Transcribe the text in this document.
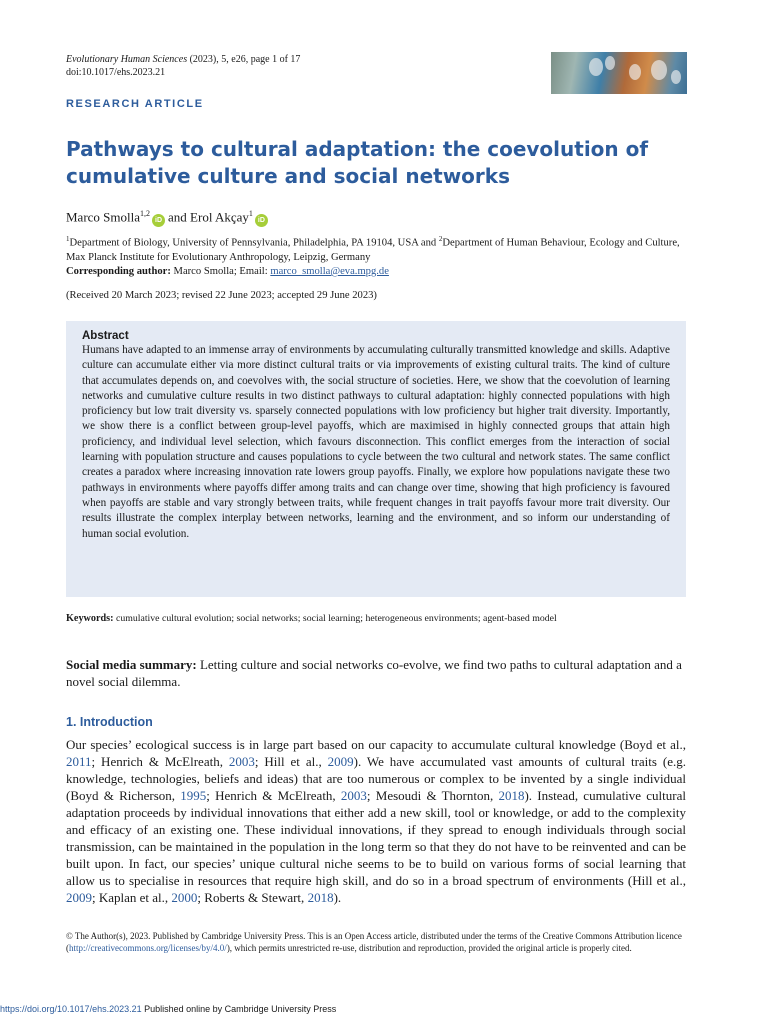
Evolutionary Human Sciences (2023), 5, e26, page 1 of 17
doi:10.1017/ehs.2023.21
RESEARCH ARTICLE
Pathways to cultural adaptation: the coevolution of cumulative culture and social networks
Marco Smolla$^{1,2}$iD and Erol Akçay$^1$iD
$^1$Department of Biology, University of Pennsylvania, Philadelphia, PA 19104, USA and $^2$Department of Human Behaviour, Ecology and Culture, Max Planck Institute for Evolutionary Anthropology, Leipzig, Germany
Corresponding author: Marco Smolla; Email: marco_smolla@eva.mpg.de
(Received 20 March 2023; revised 22 June 2023; accepted 29 June 2023)
Abstract

Humans have adapted to an immense array of environments by accumulating culturally transmitted knowledge and skills. Adaptive culture can accumulate either via more distinct cultural traits or via improvements of existing cultural traits. The kind of culture that accumulates depends on, and coevolves with, the social structure of societies. Here, we show that the coevolution of learning networks and cumulative culture results in two distinct pathways to cultural adaptation: highly connected populations with high proficiency but low trait diversity vs. sparsely connected populations with low proficiency but higher trait diversity. Importantly, we show there is a conflict between group-level payoffs, which are maximised in highly connected groups that attain high proficiency, and individual level selection, which favours disconnection. This conflict emerges from the interaction of social learning with population structure and causes populations to cycle between the two cultural and network states. The same conflict creates a paradox where increasing innovation rate lowers group payoffs. Finally, we explore how populations navigate these two pathways in environments where payoffs differ among traits and can change over time, showing that high proficiency is favoured when payoffs are stable and vary strongly between traits, while frequent changes in trait payoffs favour more trait diversity. Our results illustrate the complex interplay between networks, learning and the environment, and so inform our understanding of human social evolution.

Keywords: cumulative cultural evolution; social networks; social learning; heterogeneous environments; agent-based model
Social media summary: Letting culture and social networks co-evolve, we find two paths to cultural adaptation and a novel social dilemma.
1. Introduction

Our species’ ecological success is in large part based on our capacity to accumulate cultural knowledge (Boyd et al., 2011; Henrich & McElreath, 2003; Hill et al., 2009). We have accumulated vast amounts of cultural traits (e.g. knowledge, technologies, beliefs and ideas) that are too numerous or complex to be invented by a single individual (Boyd & Richerson, 1995; Henrich & McElreath, 2003; Mesoudi & Thornton, 2018). Instead, cumulative cultural adaptation proceeds by individual innovations that either add a new skill, tool or knowledge, or add to the complexity and efficacy of an existing one. These individual innovations, if they spread to enough individuals through social transmission, can be maintained in the population in the long term so that they do not have to be reinvented and can be built upon. In fact, our species’ unique cultural niche seems to be to build on various forms of social learning that allow us to specialise in resources that require high skill, and do so in a broad spectrum of environments (Hill et al., 2009; Kaplan et al., 2000; Roberts & Stewart, 2018).

© The Author(s), 2023. Published by Cambridge University Press. This is an Open Access article, distributed under the terms of the Creative Commons Attribution licence (http://creativecommons.org/licenses/by/4.0/), which permits unrestricted re-use, distribution and reproduction, provided the original article is properly cited.
https://doi.org/10.1017/ehs.2023.21 Published online by Cambridge University Press
